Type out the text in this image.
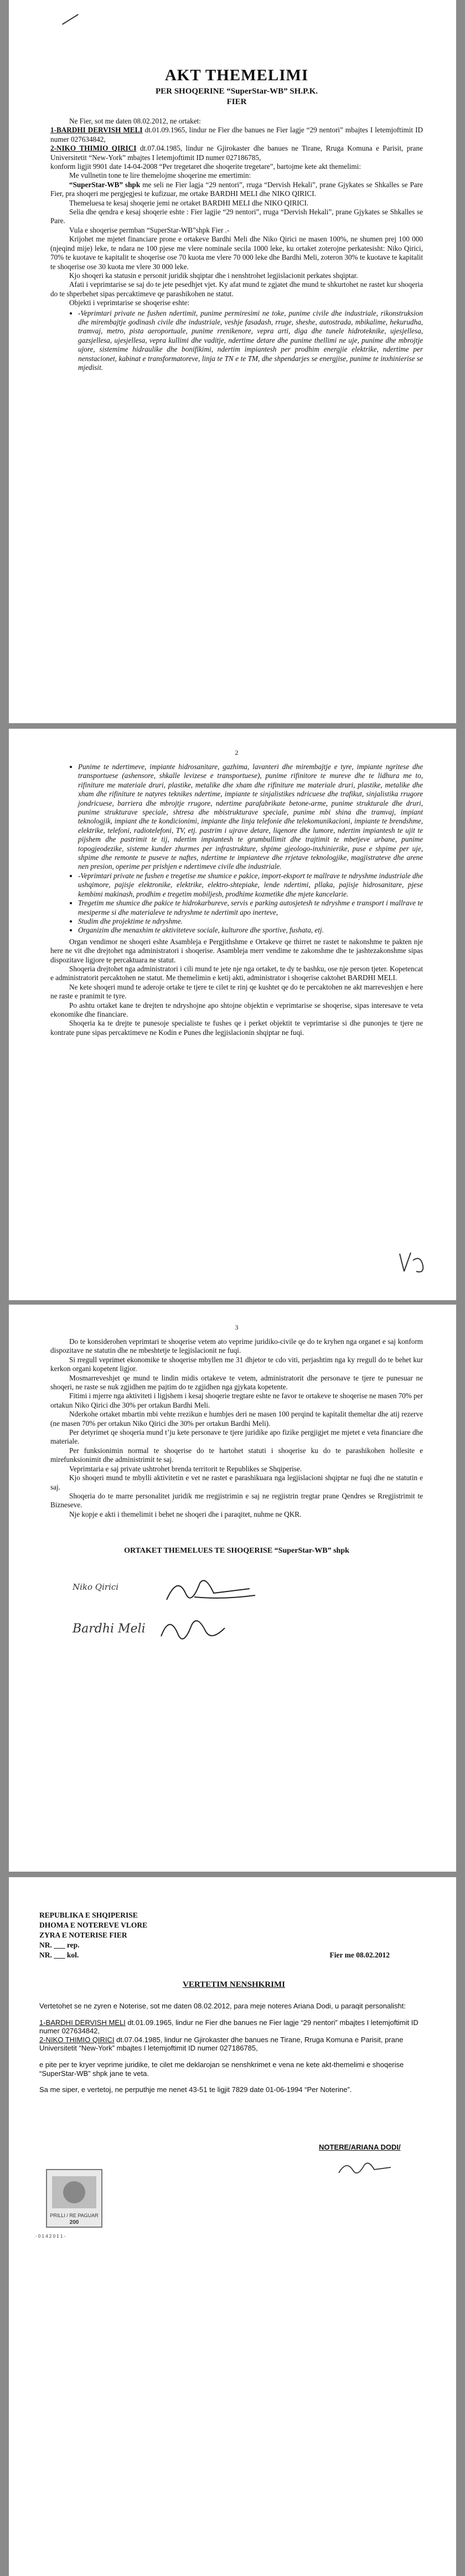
AKT THEMELIMI

PER SHOQERINE “SuperStar-WB” SH.P.K.

FIER

Ne Fier, sot me daten 08.02.2012, ne ortaket:

1-BARDHI DERVISH MELI dt.01.09.1965, lindur ne Fier dhe banues ne Fier lagje “29 nentori” mbajtes I letemjoftimit ID numer 027634842,

2-NIKO THIMIO QIRICI dt.07.04.1985, lindur ne Gjirokaster dhe banues ne Tirane, Rruga Komuna e Parisit, prane Universitetit “New-York” mbajtes I letemjoftimit ID numer 027186785,

konform ligjit 9901 date 14-04-2008 “Per tregetaret dhe shoqerite tregetare”, bartojme kete akt themelimi:

Me vullnetin tone te lire themelojme shoqerine me emertimin:

“SuperStar-WB” shpk me seli ne Fier lagja “29 nentori”, rruga “Dervish Hekali”, prane Gjykates se Shkalles se Pare Fier, pra shoqeri me pergjegjesi te kufizuar, me ortake BARDHI MELI dhe NIKO QIRICI.

Themeluesa te kesaj shoqerie jemi ne ortaket BARDHI MELI dhe NIKO QIRICI.

Selia dhe qendra e kesaj shoqerie eshte : Fier lagjie “29 nentori”, rruga “Dervish Hekali”, prane Gjykates se Shkalles se Pare.

Vula e shoqerise permban “SuperStar-WB”shpk Fier .-

Krijohet me mjetet financiare prone e ortakeve Bardhi Meli dhe Niko Qirici ne masen 100%, ne shumen prej 100 000 (njeqind mije) leke, te ndara ne 100 pjese me vlere nominale secila 1000 leke, ku ortaket zoterojne perkatesisht: Niko Qirici, 70% te kuotave te kapitalit te shoqerise ose 70 kuota me vlere 70 000 leke dhe Bardhi Meli, zoteron 30% te kuotave te kapitalit te shoqerise ose 30 kuota me vlere 30 000 leke.

Kjo shoqeri ka statusin e personit juridik shqiptar dhe i nenshtrohet legjislacionit perkates shqiptar.

Afati i veprimtarise se saj do te jete pesedhjet vjet. Ky afat mund te zgjatet dhe mund te shkurtohet ne rastet kur shoqeria do te shperbehet sipas percaktimeve qe parashikohen ne statut.

Objekti i veprimtarise se shoqerise eshte:

• -Veprimtari private ne fushen ndertimit, punime permiresimi ne toke, punime civile dhe industriale, rikonstruksion dhe mirembajtje godinash civile dhe industriale, veshje fasadash, rruge, sheshe, autostrada, mbikalime, hekurudha, tramvaj, metro, pista aeroportuale, punime rrenikenore, vepra arti, diga dhe tunele hidroteknike, ujesjellesa, gazsjellesa, ujesjellesa, vepra kullimi dhe vaditje, ndertime detare dhe punime thellimi ne uje, punime dhe mbrojtje ujore, sistemime hidraulike dhe bonifikimi, ndertim impiantesh per prodhim energjie elektrike, ndertime per nenstacionet, kabinat e transformatoreve, linja te TN e te TM, dhe shpendarjes se energjise, punime te inxhinierise se mjedisit.
2
• Punime te ndertimeve, impiante hidrosanitare, gazhima, lavanteri dhe mirembajtje e tyre, impiante ngritese dhe transportuese (ashensore, shkalle levizese e transportuese), punime rifinitore te mureve dhe te lidhura me to, rifiniture me materiale druri, plastike, metalike dhe xham dhe rifiniture me materiale druri, plastike, metalike dhe xham dhe rifiniture te natyres teknikes ndertime, impiante te sinjalistikes ndricuese dhe trafikut, sinjalistika rrugore jondricuese, barriera dhe mbrojtje rrugore, ndertime parafabrikate betone-arme, punime strukturale dhe druri, punime strukturave speciale, shtresa dhe mbistrukturave speciale, punime mbi shina dhe tramvaj, impiant teknologjik, impiant dhe te kondicionimi, impiante dhe linja telefonie dhe telekomunikacioni, impiante te brendshme, elektrike, telefoni, radiotelefoni, TV, etj. pastrim i ujrave detare, liqenore dhe lumore, ndertim impiantesh te ujit te pijshem dhe pastrimit te tij, ndertim impiantesh te grumbullimit dhe trajtimit te mbetjeve urbane, punime topogjeodezike, sisteme kunder zhurmes per infrastrukture, shpime gjeologo-inxhinierike, puse e shpime per uje, shpime dhe remonte te puseve te naftes, ndertime te impianteve dhe rrjetave teknologjike, magjistrateve dhe arene nen presion, operime per prishjen e ndertimeve civile dhe industriale.
• -Veprimtari private ne fushen e tregetise me shumice e pakice, import-eksport te mallrave te ndryshme industriale dhe ushqimore, pajisje elektronike, elektrike, elektro-shtepiake, lende ndertimi, pllaka, pajisje hidrosanitare, pjese kembimi makinash, prodhim e tregetim mobiljesh, prodhime kozmetike dhe mjete kancelarie.
• Tregetim me shumice dhe pakice te hidrokarbureve, servis e parking autosjetesh te ndryshme e transport i mallrave te mesiperme si dhe materialeve te ndryshme te ndertimit apo inerteve,
• Studim dhe projektime te ndryshme.
• Organizim dhe menaxhim te aktiviteteve sociale, kulturore dhe sportive, fushata, etj.

Organ vendimor ne shoqeri eshte Asambleja e Pergjithshme e Ortakeve qe thirret ne rastet te nakonshme te pakten nje here ne vit dhe drejtohet nga administratori i shoqerise. Asambleja merr vendime te zakonshme dhe te jashtezakonshme sipas dispozitave ligjore te percaktuara ne statut.

Shoqeria drejtohet nga administratori i cili mund te jete nje nga ortaket, te dy te bashku, ose nje person tjeter. Kopetencat e administratorit percaktohen ne statut. Me themelimin e ketij akti, administrator i shoqerise caktohet BARDHI MELI.

Ne kete shoqeri mund te aderoje ortake te tjere te cilet te rinj qe kushtet qe do te percaktohen ne akt marreveshjen e here ne raste e pranimit te tyre.

Po ashtu ortaket kane te drejten te ndryshojne apo shtojne objektin e veprimtarise se shoqerise, sipas interesave te veta ekonomike dhe financiare.

Shoqeria ka te drejte te punesoje specialiste te fushes qe i perket objektit te veprimtarise si dhe punonjes te tjere ne kontrate pune sipas percaktimeve ne Kodin e Punes dhe legjislacionin shqiptar ne fuqi.

3

Do te konsiderohen veprimtari te shoqerise vetem ato veprime juridiko-civile qe do te kryhen nga organet e saj konform dispozitave ne statutin dhe ne mbeshtetje te legjislacionit ne fuqi.

Si rregull veprimet ekonomike te shoqerise mbyllen me 31 dhjetor te cdo viti, perjashtim nga ky rregull do te behet kur kerkon organi kopetent ligjor.

Mosmarreveshjet qe mund te lindin midis ortakeve te vetem, administratorit dhe personave te tjere te punesuar ne shoqeri, ne raste se nuk zgjidhen me pajtim do te zgjidhen nga gjykata kopetente.

Fitimi i mjerre nga aktiviteti i ligjshem i kesaj shoqerie tregtare eshte ne favor te ortakeve te shoqerise ne masen 70% per ortakun Niko Qirici dhe 30% per ortakun Bardhi Meli.

Nderkohe ortaket mbartin mbi vehte rrezikun e humbjes deri ne masen 100 perqind te kapitalit themeltar dhe atij rezerve (ne masen 70% per ortakun Niko Qirici dhe 30% per ortakun Bardhi Meli).

Per detyrimet qe shoqeria mund t’ju kete personave te tjere juridike apo fizike pergjigjet me mjetet e veta financiare dhe materiale.

Per funksionimin normal te shoqerise do te hartohet statuti i shoqerise ku do te parashikohen hollesite e mirefunksionimit dhe administrimit te saj.

Veprimtaria e saj private ushtrohet brenda territorit te Republikes se Shqiperise.

Kjo shoqeri mund te mbylli aktivitetin e vet ne rastet e parashikuara nga legjislacioni shqiptar ne fuqi dhe ne statutin e saj.

Shoqeria do te marre personalitet juridik me rregjistrimin e saj ne regjistrin tregtar prane Qendres se Rregjistrimit te Bizneseve.

Nje kopje e akti i themelimit i behet ne shoqeri dhe i paraqitet, nuhme ne QKR.

ORTAKET THEMELUES TE SHOQERISE “SuperStar-WB” shpk

Niko Qirici
Bardhi Meli
REPUBLIKA E SHQIPERISE
DHOMA E NOTEREVE VLORE
ZYRA E NOTERISE FIER
NR. ___ rep.
NR. ___ kol.	Fier me 08.02.2012
VERTETIM NENSHKRIMI

Vertetohet se ne zyren e Noterise, sot me daten 08.02.2012, para meje noteres Ariana Dodi, u paraqit personalisht:

1-BARDHI DERVISH MELI dt.01.09.1965, lindur ne Fier dhe banues ne Fier lagje “29 nentori” mbajtes I letemjoftimit ID numer 027634842,

2-NIKO THIMIO QIRICI dt.07.04.1985, lindur ne Gjirokaster dhe banues ne Tirane, Rruga Komuna e Parisit, prane Universitetit “New-York” mbajtes I letemjoftimit ID numer 027186785,

e pite per te kryer veprime juridike, te cilet me deklarojan se nenshkrimet e vena ne kete akt-themelimi e shoqerise “SuperStar-WB” shpk jane te veta.

Sa me siper, e vertetoj, ne perputhje me nenet 43-51 te ligjit 7829 date 01-06-1994 “Per Noterine”.

NOTERE/ARIANA DODI/
PRILLI / RE PAGUAR
200
- 0 1 4 2 0 1 1 -
